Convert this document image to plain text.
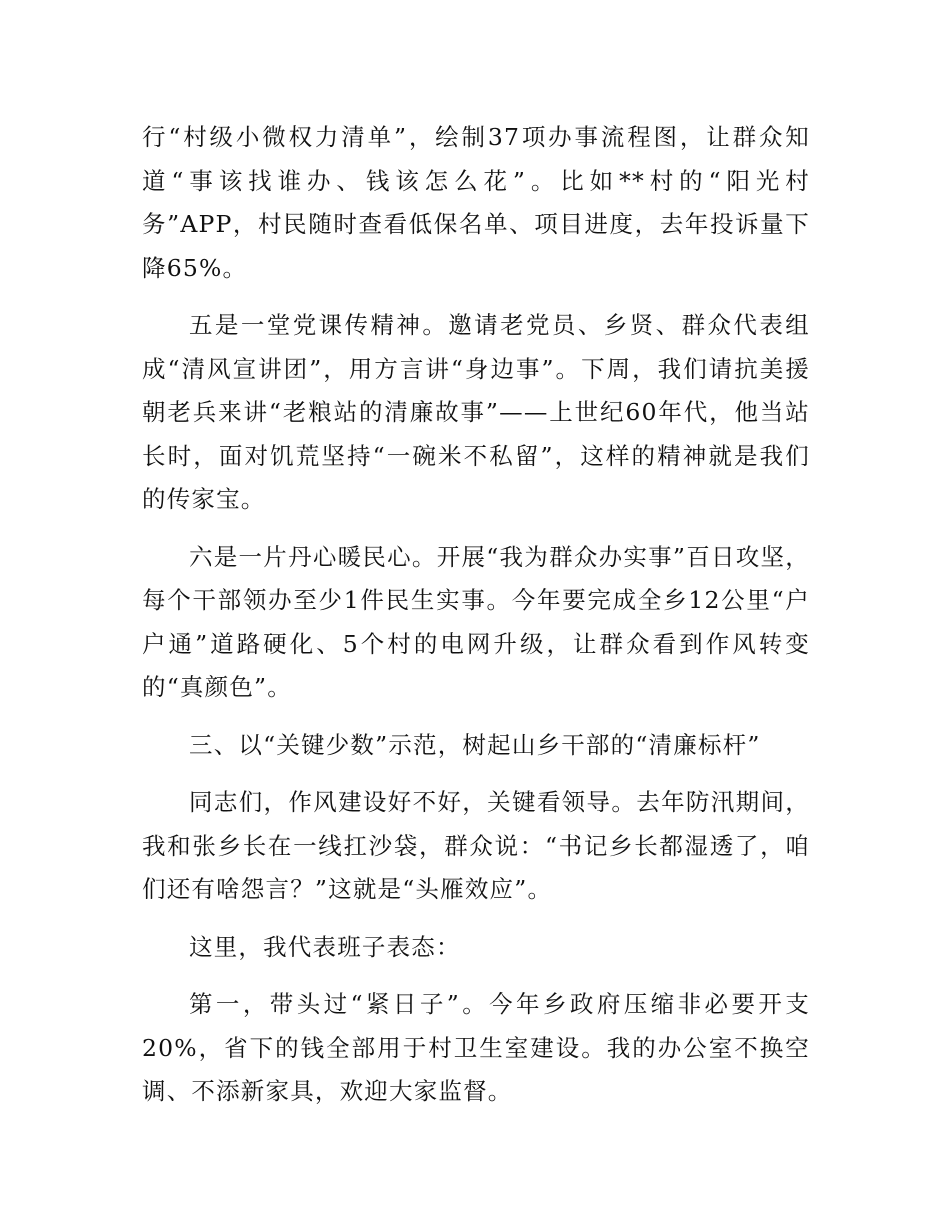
行“村级小微权力清单”，绘制37项办事流程图，让群众知道“事该找谁办、钱该怎么花”。比如**村的“阳光村务”APP，村民随时查看低保名单、项目进度，去年投诉量下降65%。

五是一堂党课传精神。邀请老党员、乡贤、群众代表组成“清风宣讲团”，用方言讲“身边事”。下周，我们请抗美援朝老兵来讲“老粮站的清廉故事”——上世纪60年代，他当站长时，面对饥荒坚持“一碗米不私留”，这样的精神就是我们的传家宝。

六是一片丹心暖民心。开展“我为群众办实事”百日攻坚，每个干部领办至少1件民生实事。今年要完成全乡12公里“户户通”道路硬化、5个村的电网升级，让群众看到作风转变的“真颜色”。

三、以“关键少数”示范，树起山乡干部的“清廉标杆”

同志们，作风建设好不好，关键看领导。去年防汛期间，我和张乡长在一线扛沙袋，群众说：“书记乡长都湿透了，咱们还有啥怨言？”这就是“头雁效应”。

这里，我代表班子表态：

第一，带头过“紧日子”。今年乡政府压缩非必要开支20%，省下的钱全部用于村卫生室建设。我的办公室不换空调、不添新家具，欢迎大家监督。
